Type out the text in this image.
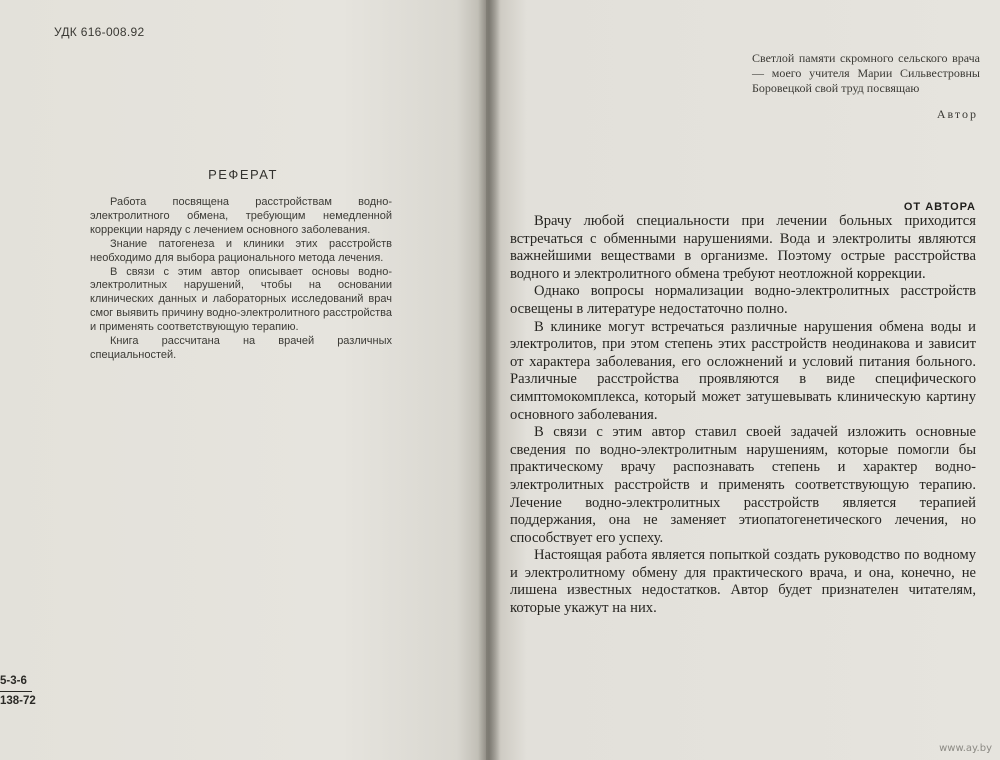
УДК 616-008.92
РЕФЕРАТ

Работа посвящена расстройствам водно-электролитного обмена, требующим немедленной коррекции наряду с лечением основного заболевания.

Знание патогенеза и клиники этих расстройств необходимо для выбора рационального метода лечения.

В связи с этим автор описывает основы водно-электролитных нарушений, чтобы на основании клинических данных и лабораторных исследований врач смог выявить причину водно-электролитного расстройства и применять соответствующую терапию.

Книга рассчитана на врачей различных специальностей.

5-3-6
138-72
Светлой памяти скромного сельского врача — моего учителя Марии Сильвестровны Боровецкой свой труд посвящаю
Автор
ОТ АВТОРА

Врачу любой специальности при лечении больных приходится встречаться с обменными нарушениями. Вода и электролиты являются важнейшими веществами в организме. Поэтому острые расстройства водного и электролитного обмена требуют неотложной коррекции.

Однако вопросы нормализации водно-электролитных расстройств освещены в литературе недостаточно полно.

В клинике могут встречаться различные нарушения обмена воды и электролитов, при этом степень этих расстройств неодинакова и зависит от характера заболевания, его осложнений и условий питания больного. Различные расстройства проявляются в виде специфического симптомокомплекса, который может затушевывать клиническую картину основного заболевания.

В связи с этим автор ставил своей задачей изложить основные сведения по водно-электролитным нарушениям, которые помогли бы практическому врачу распознавать степень и характер водно-электролитных расстройств и применять соответствующую терапию. Лечение водно-электролитных расстройств является терапией поддержания, она не заменяет этиопатогенетического лечения, но способствует его успеху.

Настоящая работа является попыткой создать руководство по водному и электролитному обмену для практического врача, и она, конечно, не лишена известных недостатков. Автор будет признателен читателям, которые укажут на них.

www.ay.by
